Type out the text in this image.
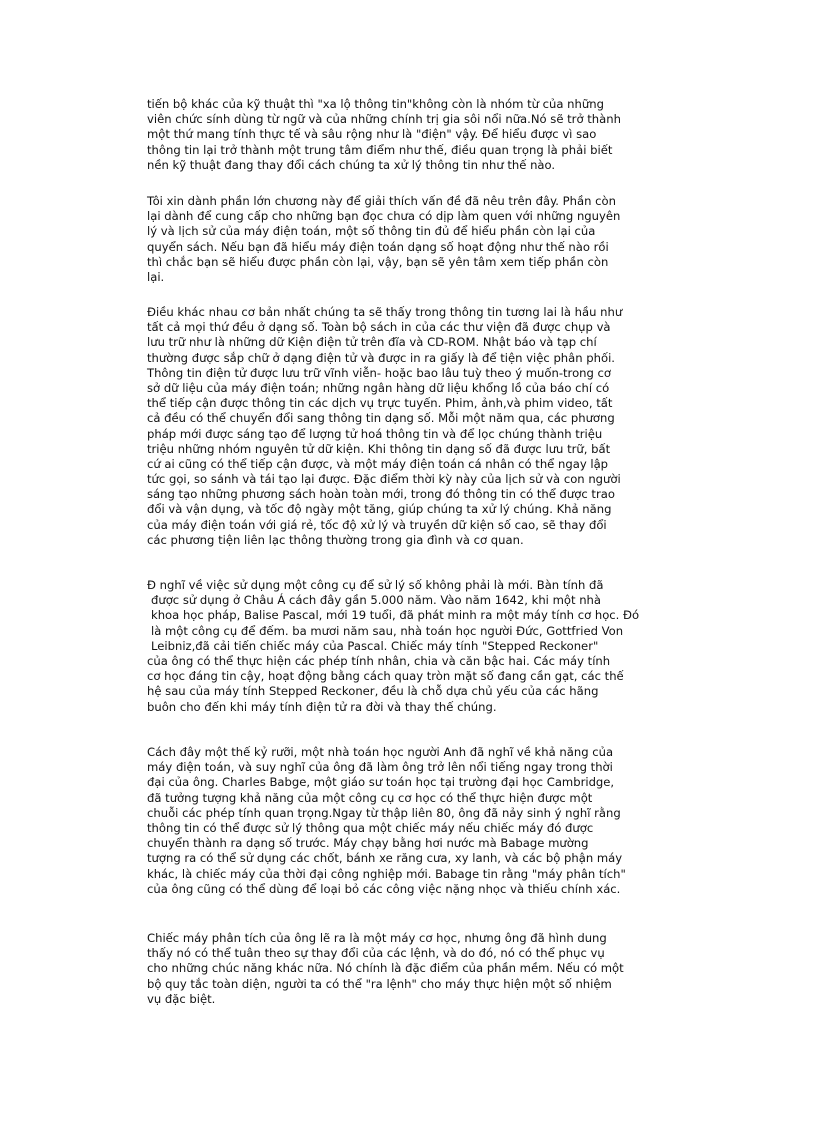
tiến bộ khác của kỹ thuật thì "xa lộ thông tin"không còn là nhóm từ của những
viên chức sính dùng từ ngữ và của những chính trị gia sôi nổi nữa.Nó sẽ trở thành
một thứ mang tính thực tế và sâu rộng như là "điện" vậy. Để hiểu được vì sao
thông tin lại trở thành một trung tâm điểm như thế, điều quan trọng là phải biết
nền kỹ thuật đang thay đổi cách chúng ta xử lý thông tin như thế nào.
Tôi xin dành phần lớn chương này để giải thích vấn đề đã nêu trên đây. Phần còn
lại dành để cung cấp cho những bạn đọc chưa có dịp làm quen với những nguyên
lý và lịch sử của máy điện toán, một số thông tin đủ để hiểu phần còn lại của
quyển sách. Nếu bạn đã hiểu máy điện toán dạng số hoạt động như thế nào rồi
thì chắc bạn sẽ hiểu được phần còn lại, vậy, bạn sẽ yên tâm xem tiếp phần còn
lại.
Điều khác nhau cơ bản nhất chúng ta sẽ thấy trong thông tin tương lai là hầu như
tất cả mọi thứ đều ở dạng số. Toàn bộ sách in của các thư viện đã được chụp và
lưu trữ như là những dữ Kiện điện tử trên đĩa và CD-ROM. Nhật báo và tạp chí
thường được sắp chữ ở dạng điện tử và được in ra giấy là để tiện việc phân phối.
Thông tin điện tử được lưu trữ vĩnh viễn- hoặc bao lâu tuỳ theo ý muốn-trong cơ
sở dữ liệu của máy điện toán; những ngân hàng dữ liệu khổng lồ của báo chí có
thể tiếp cận được thông tin các dịch vụ trực tuyến. Phim, ảnh,và phim video, tất
cả đều có thể chuyển đổi sang thông tin dạng số. Mỗi một năm qua, các phương
pháp mới được sáng tạo để lượng tử hoá thông tin và để lọc chúng thành triệu
triệu những nhóm nguyên tử dữ kiện. Khi thông tin dạng số đã được lưu trữ, bất
cứ ai cũng có thể tiếp cận được, và một máy điện toán cá nhân có thể ngay lập
tức gọi, so sánh và tái tạo lại được. Đặc điểm thời kỳ này của lịch sử và con người
sáng tạo những phương sách hoàn toàn mới, trong đó thông tin có thể được trao
đổi và vận dụng, và tốc độ ngày một tăng, giúp chúng ta xử lý chúng. Khả năng
của máy điện toán với giá rẻ, tốc độ xử lý và truyền dữ kiện số cao, sẽ thay đổi
các phương tiện liên lạc thông thường trong gia đình và cơ quan.
Đ nghĩ về việc sử dụng một công cụ để sử lý số không phải là mới. Bàn tính đã
được sử dụng ở Châu Á cách đây gần 5.000 năm. Vào năm 1642, khi một nhà
khoa học pháp, Balise Pascal, mới 19 tuổi, đã phát minh ra một máy tính cơ học. Đó
là một công cụ để đếm. ba mươi năm sau, nhà toán học người Đức, Gottfried Von
Leibniz,đã cải tiến chiếc máy của Pascal. Chiếc máy tính "Stepped Reckoner"
của ông có thể thực hiện các phép tính nhân, chia và căn bậc hai. Các máy tính
cơ học đáng tin cậy, hoạt động bằng cách quay tròn mặt số đang cần gạt, các thế
hệ sau của máy tính Stepped Reckoner, đều là chỗ dựa chủ yếu của các hãng
buôn cho đến khi máy tính điện tử ra đời và thay thế chúng.
Cách đây một thế kỷ rưỡi, một nhà toán học người Anh đã nghĩ về khả năng của
máy điện toán, và suy nghĩ của ông đã làm ông trở lên nổi tiếng ngay trong thời
đại của ông. Charles Babge, một giáo sư toán học tại trường đại học Cambridge,
đã tưởng tượng khả năng của một công cụ cơ học có thể thực hiện được một
chuỗi các phép tính quan trọng.Ngay từ thập liên 80, ông đã nảy sinh ý nghĩ rằng
thông tin có thể được sử lý thông qua một chiếc máy nếu chiếc máy đó được
chuyển thành ra dạng số trước. Máy chạy bằng hơi nước mà Babage mường
tượng ra có thể sử dụng các chốt, bánh xe răng cưa, xy lanh, và các bộ phận máy
khác, là chiếc máy của thời đại công nghiệp mới. Babage tin rằng "máy phân tích"
của ông cũng có thể dùng để loại bỏ các công việc nặng nhọc và thiếu chính xác.
Chiếc máy phân tích của ông lẽ ra là một máy cơ học, nhưng ông đã hình dung
thấy nó có thể tuân theo sự thay đổi của các lệnh, và do đó, nó có thể phục vụ
cho những chúc năng khác nữa. Nó chính là đặc điểm của phần mềm. Nếu có một
bộ quy tắc toàn diện, người ta có thể "ra lệnh" cho máy thực hiện một số nhiệm
vụ đặc biệt.
